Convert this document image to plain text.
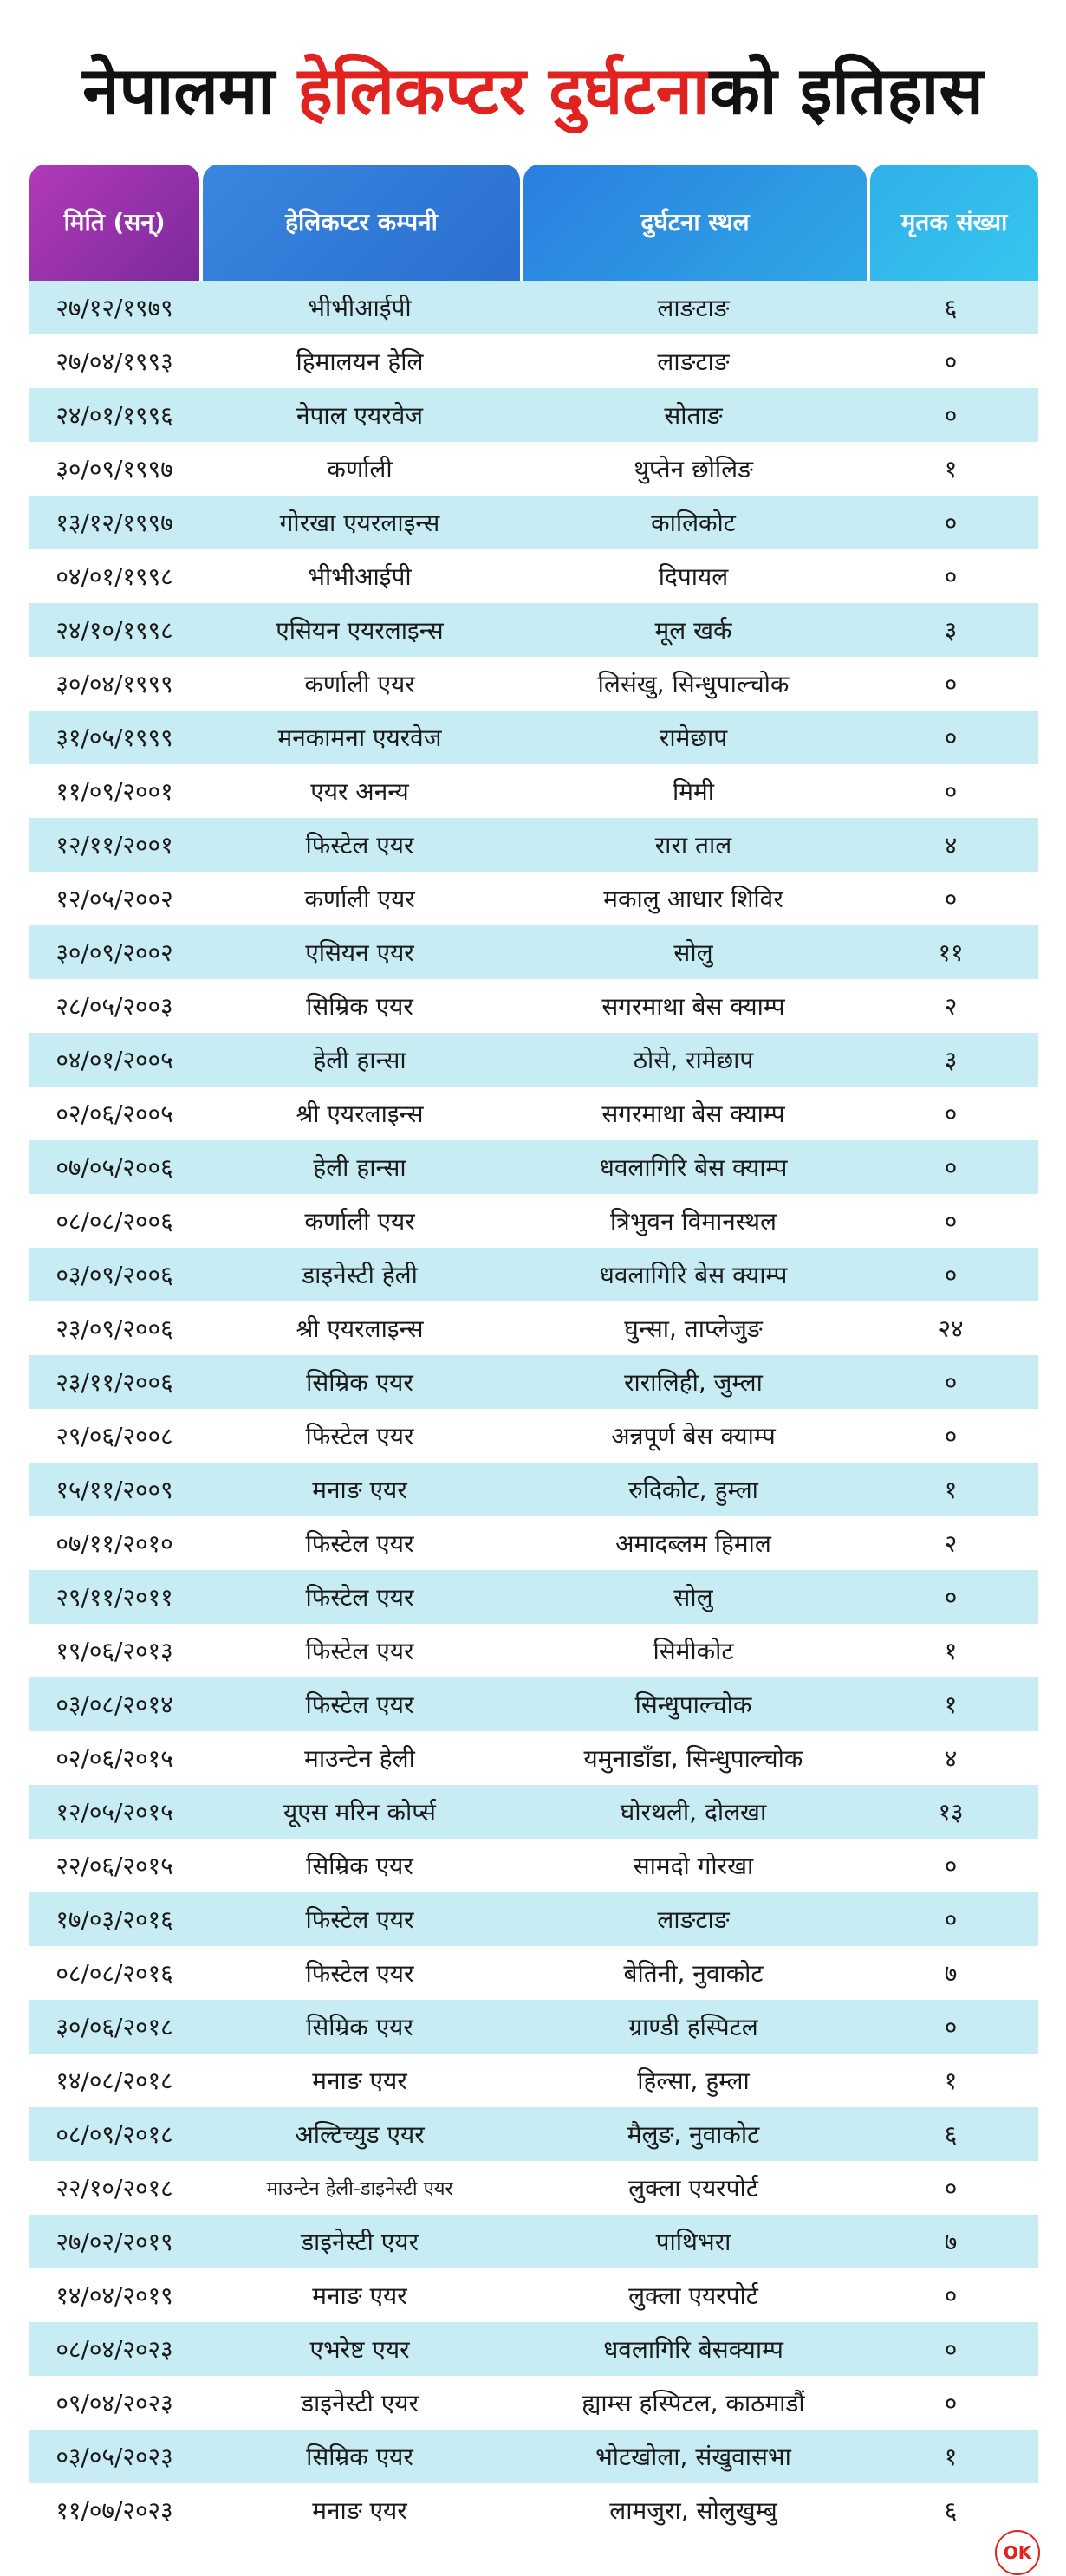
नेपालमा हेलिकप्टर दुर्घटनाको इतिहास
मिति (सन्)	हेलिकप्टर कम्पनी	दुर्घटना स्थल	मृतक संख्या
२७/१२/१९७९	भीभीआईपी	लाङटाङ	६
२७/०४/१९९३	हिमालयन हेलि	लाङटाङ	०
२४/०१/१९९६	नेपाल एयरवेज	सोताङ	०
३०/०९/१९९७	कर्णाली	थुप्तेन छोलिङ	१
१३/१२/१९९७	गोरखा एयरलाइन्स	कालिकोट	०
०४/०१/१९९८	भीभीआईपी	दिपायल	०
२४/१०/१९९८	एसियन एयरलाइन्स	मूल खर्क	३
३०/०४/१९९९	कर्णाली एयर	लिसंखु, सिन्धुपाल्चोक	०
३१/०५/१९९९	मनकामना एयरवेज	रामेछाप	०
११/०९/२००१	एयर अनन्य	मिमी	०
१२/११/२००१	फिस्टेल एयर	रारा ताल	४
१२/०५/२००२	कर्णाली एयर	मकालु आधार शिविर	०
३०/०९/२००२	एसियन एयर	सोलु	११
२८/०५/२००३	सिम्रिक एयर	सगरमाथा बेस क्याम्प	२
०४/०१/२००५	हेली हान्सा	ठोसे, रामेछाप	३
०२/०६/२००५	श्री एयरलाइन्स	सगरमाथा बेस क्याम्प	०
०७/०५/२००६	हेली हान्सा	धवलागिरि बेस क्याम्प	०
०८/०८/२००६	कर्णाली एयर	त्रिभुवन विमानस्थल	०
०३/०९/२००६	डाइनेस्टी हेली	धवलागिरि बेस क्याम्प	०
२३/०९/२००६	श्री एयरलाइन्स	घुन्सा, ताप्लेजुङ	२४
२३/११/२००६	सिम्रिक एयर	रारालिही, जुम्ला	०
२९/०६/२००८	फिस्टेल एयर	अन्नपूर्ण बेस क्याम्प	०
१५/११/२००९	मनाङ एयर	रुदिकोट, हुम्ला	१
०७/११/२०१०	फिस्टेल एयर	अमादब्लम हिमाल	२
२९/११/२०११	फिस्टेल एयर	सोलु	०
१९/०६/२०१३	फिस्टेल एयर	सिमीकोट	१
०३/०८/२०१४	फिस्टेल एयर	सिन्धुपाल्चोक	१
०२/०६/२०१५	माउन्टेन हेली	यमुनाडाँडा, सिन्धुपाल्चोक	४
१२/०५/२०१५	यूएस मरिन कोर्प्स	घोरथली, दोलखा	१३
२२/०६/२०१५	सिम्रिक एयर	सामदो गोरखा	०
१७/०३/२०१६	फिस्टेल एयर	लाङटाङ	०
०८/०८/२०१६	फिस्टेल एयर	बेतिनी, नुवाकोट	७
३०/०६/२०१८	सिम्रिक एयर	ग्राण्डी हस्पिटल	०
१४/०८/२०१८	मनाङ एयर	हिल्सा, हुम्ला	१
०८/०९/२०१८	अल्टिच्युड एयर	मैलुङ, नुवाकोट	६
२२/१०/२०१८	माउन्टेन हेली-डाइनेस्टी एयर	लुक्ला एयरपोर्ट	०
२७/०२/२०१९	डाइनेस्टी एयर	पाथिभरा	७
१४/०४/२०१९	मनाङ एयर	लुक्ला एयरपोर्ट	०
०८/०४/२०२३	एभरेष्ट एयर	धवलागिरि बेसक्याम्प	०
०९/०४/२०२३	डाइनेस्टी एयर	ह्याम्स हस्पिटल, काठमाडौं	०
०३/०५/२०२३	सिम्रिक एयर	भोटखोला, संखुवासभा	१
११/०७/२०२३	मनाङ एयर	लामजुरा, सोलुखुम्बु	६
OK
